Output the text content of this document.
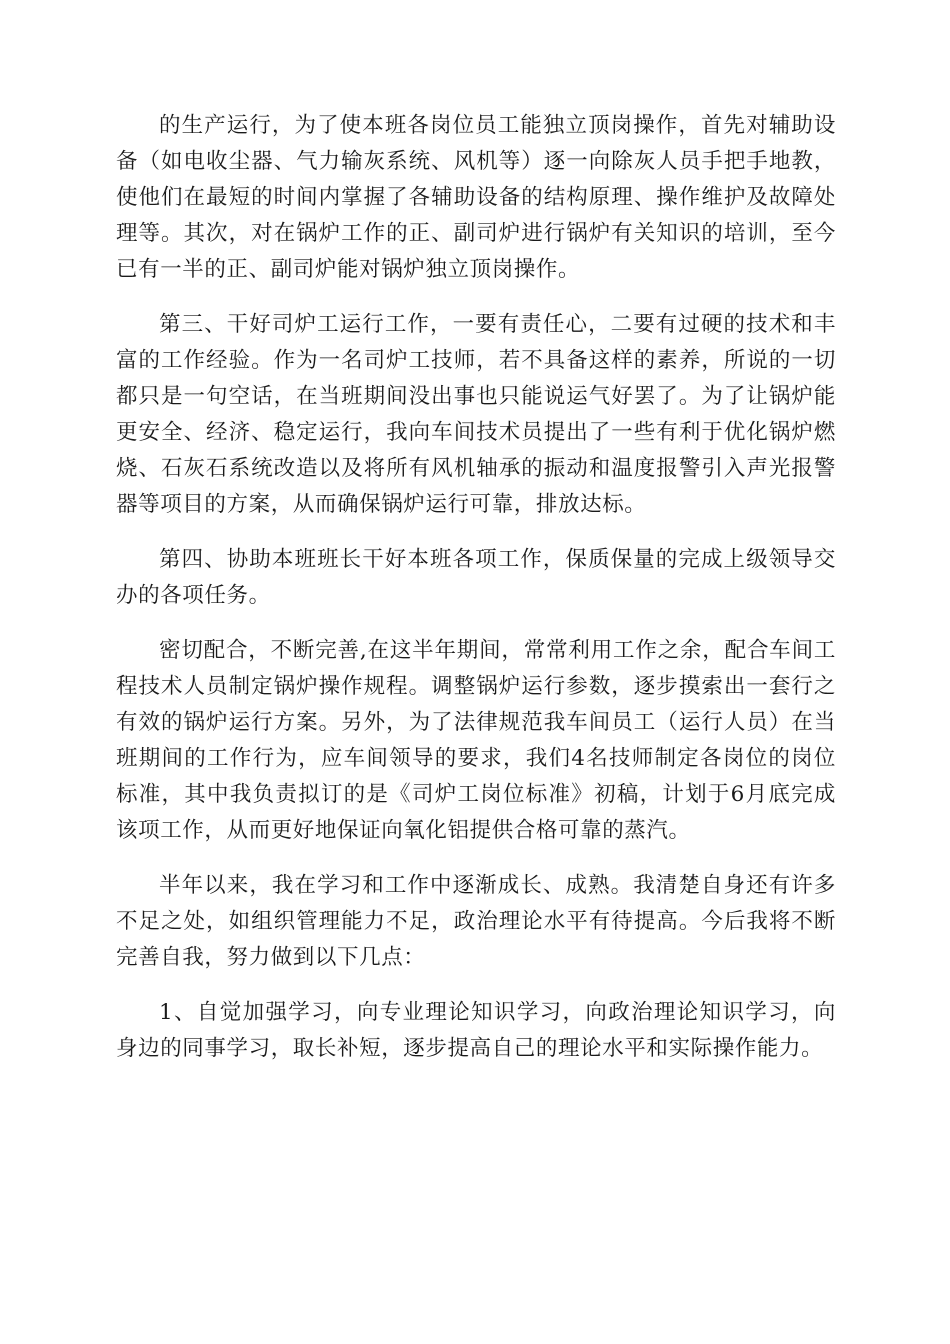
的生产运行，为了使本班各岗位员工能独立顶岗操作，首先对辅助设备（如电收尘器、气力输灰系统、风机等）逐一向除灰人员手把手地教，使他们在最短的时间内掌握了各辅助设备的结构原理、操作维护及故障处理等。其次，对在锅炉工作的正、副司炉进行锅炉有关知识的培训，至今已有一半的正、副司炉能对锅炉独立顶岗操作。

第三、干好司炉工运行工作，一要有责任心，二要有过硬的技术和丰富的工作经验。作为一名司炉工技师，若不具备这样的素养，所说的一切都只是一句空话，在当班期间没出事也只能说运气好罢了。为了让锅炉能更安全、经济、稳定运行，我向车间技术员提出了一些有利于优化锅炉燃烧、石灰石系统改造以及将所有风机轴承的振动和温度报警引入声光报警器等项目的方案，从而确保锅炉运行可靠，排放达标。

第四、协助本班班长干好本班各项工作，保质保量的完成上级领导交办的各项任务。

密切配合，不断完善,在这半年期间，常常利用工作之余，配合车间工程技术人员制定锅炉操作规程。调整锅炉运行参数，逐步摸索出一套行之有效的锅炉运行方案。另外，为了法律规范我车间员工（运行人员）在当班期间的工作行为，应车间领导的要求，我们4名技师制定各岗位的岗位标准，其中我负责拟订的是《司炉工岗位标准》初稿，计划于6月底完成该项工作，从而更好地保证向氧化铝提供合格可靠的蒸汽。

半年以来，我在学习和工作中逐渐成长、成熟。我清楚自身还有许多不足之处，如组织管理能力不足，政治理论水平有待提高。今后我将不断完善自我，努力做到以下几点：

1、自觉加强学习，向专业理论知识学习，向政治理论知识学习，向身边的同事学习，取长补短，逐步提高自己的理论水平和实际操作能力。
